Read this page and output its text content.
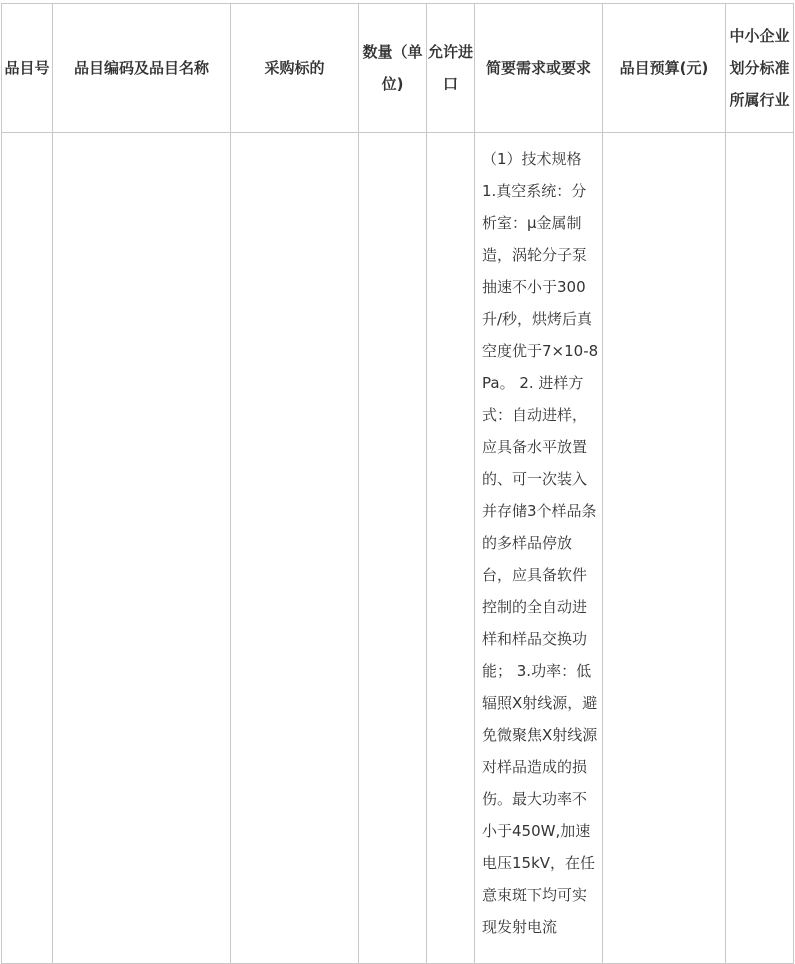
品目号	品目编码及品目名称	采购标的	数量（单位)	允许进口	简要需求或要求	品目预算(元)	中小企业划分标准所属行业

					（1）技术规格 1.真空系统：分析室：μ金属制造，涡轮分子泵抽速不小于300升/秒，烘烤后真空度优于7×10-8Pa。 2. 进样方式：自动进样，应具备水平放置的、可一次装入并存储3个样品条的多样品停放台，应具备软件控制的全自动进样和样品交换功能； 3.功率：低辐照X射线源，避免微聚焦X射线源对样品造成的损伤。最大功率不小于450W,加速电压15kV，在任意束斑下均可实现发射电流		
